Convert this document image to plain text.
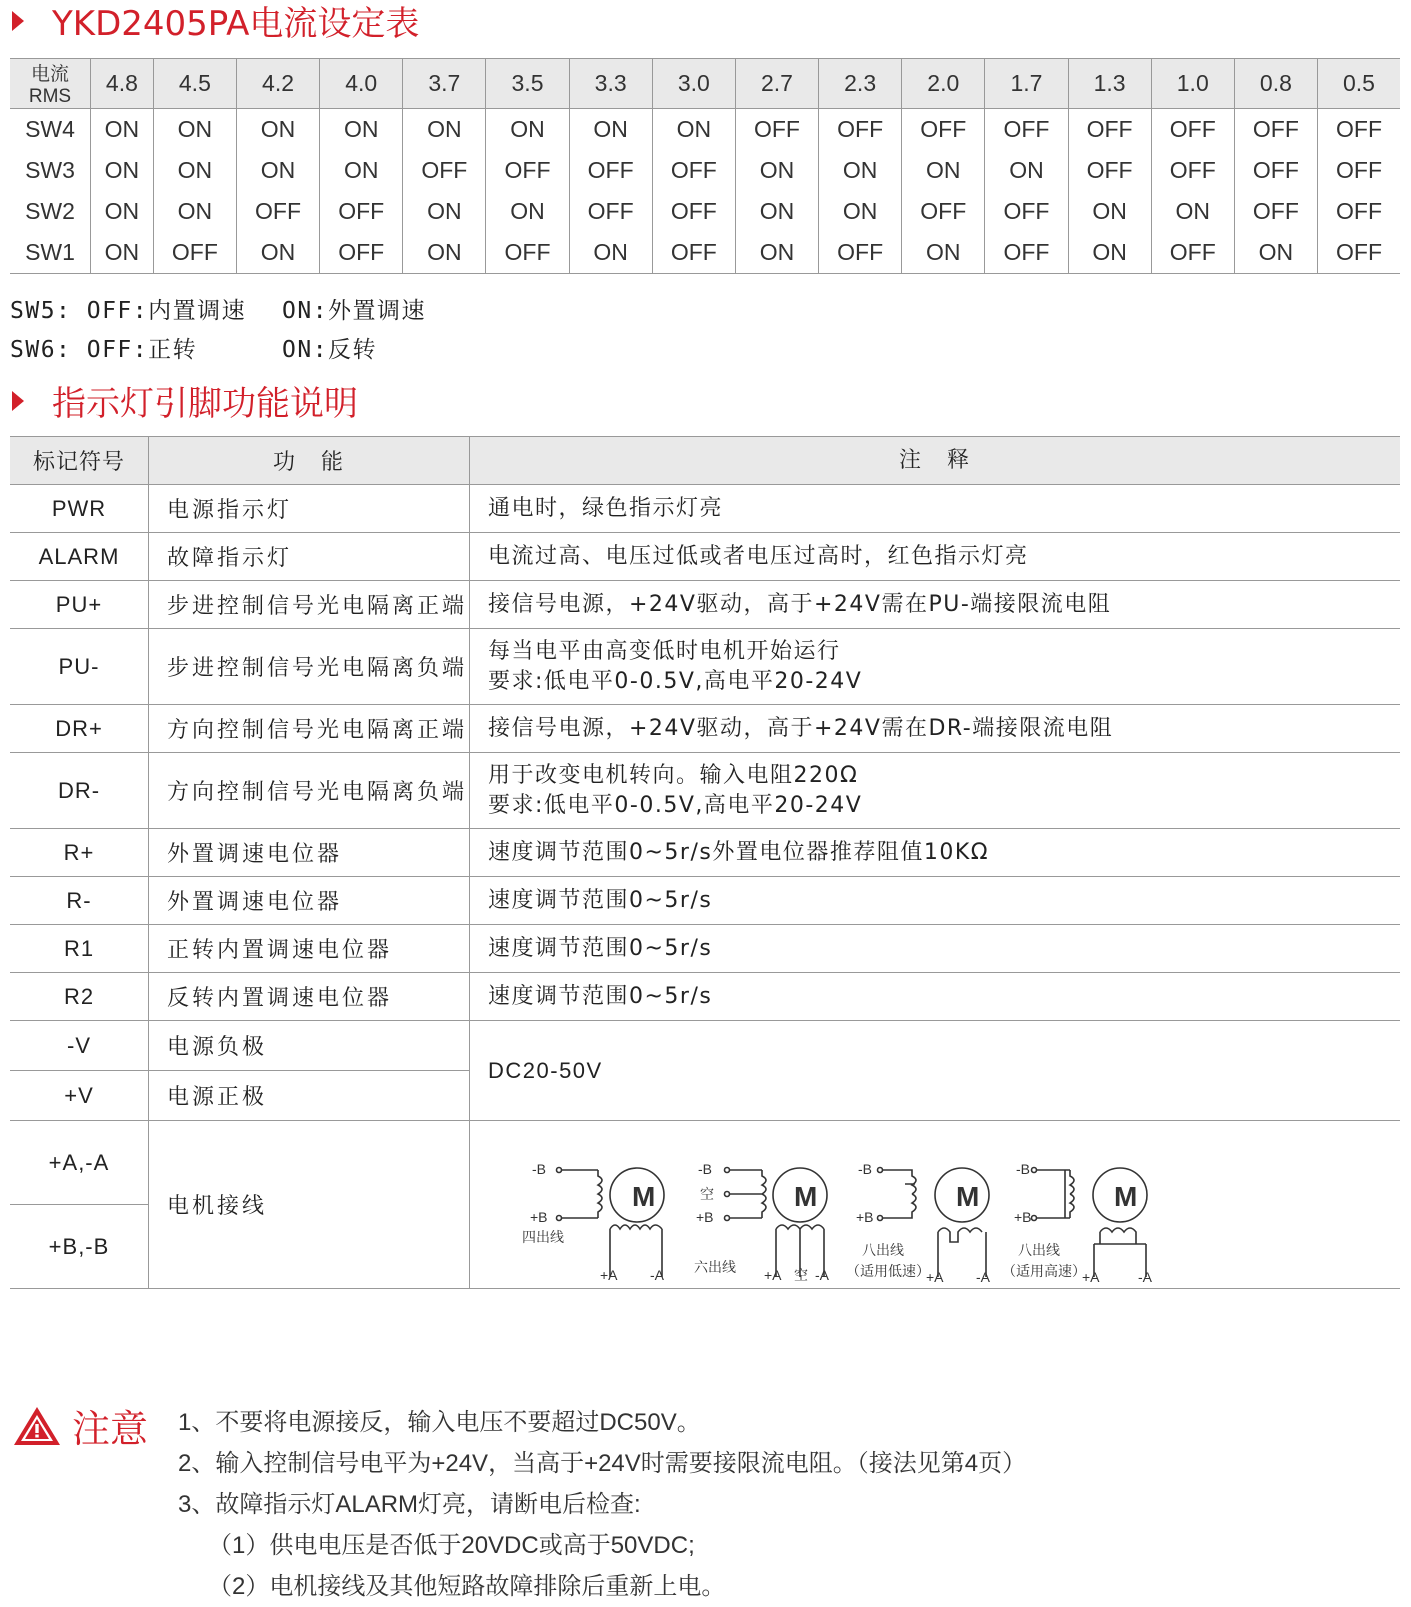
YKD2405PA电流设定表
电流RMS	4.8	4.5	4.2	4.0	3.7	3.5	3.3	3.0	2.7	2.3	2.0	1.7	1.3	1.0	0.8	0.5
SW4	ON	ON	ON	ON	ON	ON	ON	ON	OFF	OFF	OFF	OFF	OFF	OFF	OFF	OFF
SW3	ON	ON	ON	ON	OFF	OFF	OFF	OFF	ON	ON	ON	ON	OFF	OFF	OFF	OFF
SW2	ON	ON	OFF	OFF	ON	ON	OFF	OFF	ON	ON	OFF	OFF	ON	ON	OFF	OFF
SW1	ON	OFF	ON	OFF	ON	OFF	ON	OFF	ON	OFF	ON	OFF	ON	OFF	ON	OFF
SW5: OFF:内置调速 ON:外置调速
SW6: OFF:正转	ON:反转
指示灯引脚功能说明
标记符号	功　能	注　释
PWR	电源指示灯	通电时，绿色指示灯亮

ALARM	故障指示灯	电流过高、电压过低或者电压过高时，红色指示灯亮

PU+	步进控制信号光电隔离正端	接信号电源，+24V驱动，高于+24V需在PU-端接限流电阻

PU-	步进控制信号光电隔离负端	每当电平由高变低时电机开始运行
要求:低电平0-0.5V,高电平20-24V

DR+	方向控制信号光电隔离正端	接信号电源，+24V驱动，高于+24V需在DR-端接限流电阻

DR-	方向控制信号光电隔离负端	用于改变电机转向。输入电阻220Ω
要求:低电平0-0.5V,高电平20-24V

R+	外置调速电位器	速度调节范围0~5r/s外置电位器推荐阻值10KΩ

R-	外置调速电位器	速度调节范围0~5r/s

R1	正转内置调速电位器	速度调节范围0~5r/s

R2	反转内置调速电位器	速度调节范围0~5r/s

-V	电源负极	DC20-50V
+V	电源正极	
+A,-A	电机接线	
+B,-B		
M
-B
+B
四出线
+A -A
M
-B
空
+B
六出线 +A 空 -A
M
-B
+B
八出线
（适用低速）
+A -A
M
-B
+B
八出线
（适用高速）
+A	-A
注意 1、不要将电源接反，输入电压不要超过DC50V。
2、输入控制信号电平为+24V，当高于+24V时需要接限流电阻。（接法见第4页）
3、故障指示灯ALARM灯亮，请断电后检查:
（1）供电电压是否低于20VDC或高于50VDC;
（2）电机接线及其他短路故障排除后重新上电。
